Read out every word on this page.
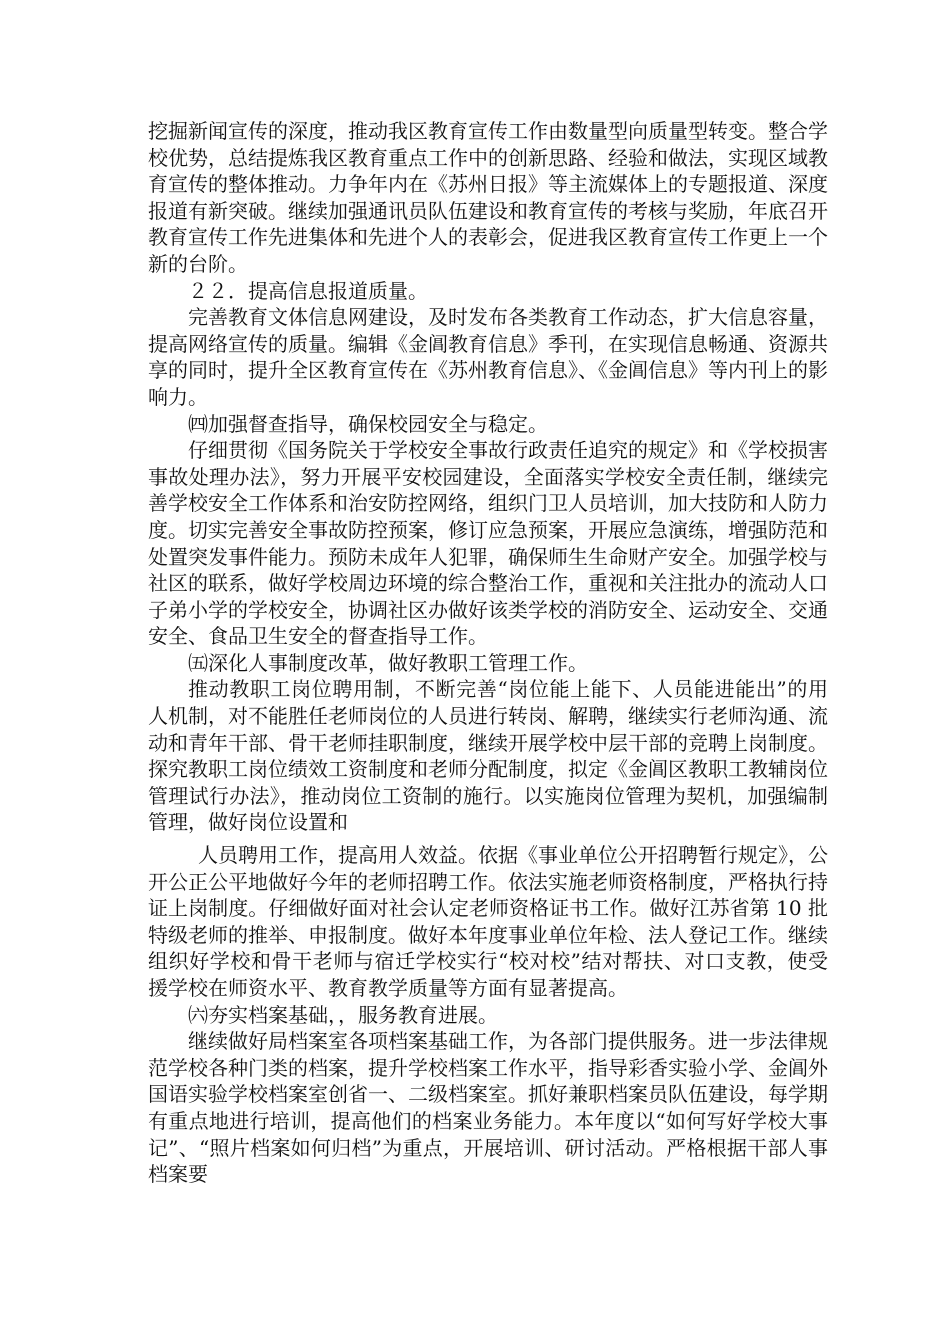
挖掘新闻宣传的深度，推动我区教育宣传工作由数量型向质量型转变。整合学校优势，总结提炼我区教育重点工作中的创新思路、经验和做法，实现区域教育宣传的整体推动。力争年内在《苏州日报》等主流媒体上的专题报道、深度报道有新突破。继续加强通讯员队伍建设和教育宣传的考核与奖励，年底召开教育宣传工作先进集体和先进个人的表彰会，促进我区教育宣传工作更上一个新的台阶。

２２．提高信息报道质量。

完善教育文体信息网建设，及时发布各类教育工作动态，扩大信息容量，提高网络宣传的质量。编辑《金阊教育信息》季刊，在实现信息畅通、资源共享的同时，提升全区教育宣传在《苏州教育信息》、《金阊信息》等内刊上的影响力。

㈣加强督查指导，确保校园安全与稳定。

仔细贯彻《国务院关于学校安全事故行政责任追究的规定》和《学校损害事故处理办法》，努力开展平安校园建设，全面落实学校安全责任制，继续完善学校安全工作体系和治安防控网络，组织门卫人员培训，加大技防和人防力度。切实完善安全事故防控预案，修订应急预案，开展应急演练，增强防范和处置突发事件能力。预防未成年人犯罪，确保师生生命财产安全。加强学校与社区的联系，做好学校周边环境的综合整治工作，重视和关注批办的流动人口子弟小学的学校安全，协调社区办做好该类学校的消防安全、运动安全、交通安全、食品卫生安全的督查指导工作。

㈤深化人事制度改革，做好教职工管理工作。

推动教职工岗位聘用制，不断完善“岗位能上能下、人员能进能出”的用人机制，对不能胜任老师岗位的人员进行转岗、解聘，继续实行老师沟通、流动和青年干部、骨干老师挂职制度，继续开展学校中层干部的竞聘上岗制度。探究教职工岗位绩效工资制度和老师分配制度，拟定《金阊区教职工教辅岗位管理试行办法》，推动岗位工资制的施行。以实施岗位管理为契机，加强编制管理，做好岗位设置和

人员聘用工作，提高用人效益。依据《事业单位公开招聘暂行规定》，公开公正公平地做好今年的老师招聘工作。依法实施老师资格制度，严格执行持证上岗制度。仔细做好面对社会认定老师资格证书工作。做好江苏省第 10 批特级老师的推举、申报制度。做好本年度事业单位年检、法人登记工作。继续组织好学校和骨干老师与宿迁学校实行“校对校”结对帮扶、对口支教，使受援学校在师资水平、教育教学质量等方面有显著提高。

㈥夯实档案基础，，服务教育进展。

继续做好局档案室各项档案基础工作，为各部门提供服务。进一步法律规范学校各种门类的档案，提升学校档案工作水平，指导彩香实验小学、金阊外国语实验学校档案室创省一、二级档案室。抓好兼职档案员队伍建设，每学期有重点地进行培训，提高他们的档案业务能力。本年度以“如何写好学校大事记”、“照片档案如何归档”为重点，开展培训、研讨活动。严格根据干部人事档案要
